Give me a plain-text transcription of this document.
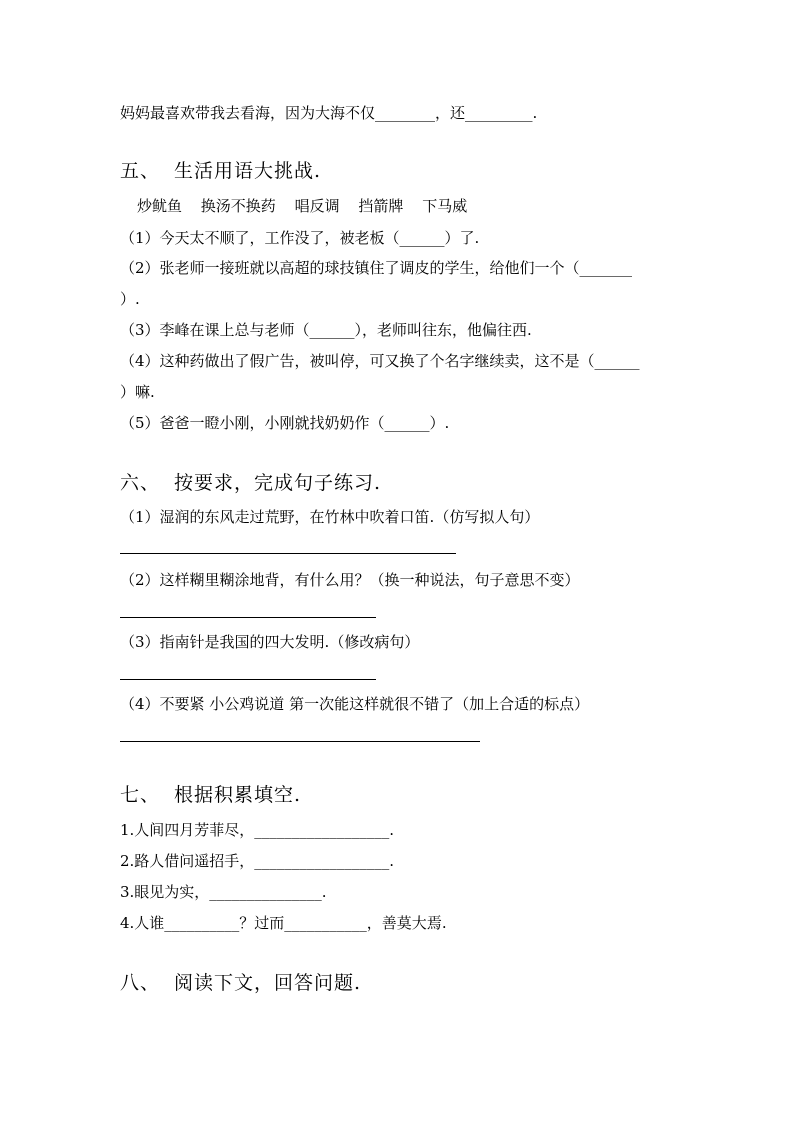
妈妈最喜欢带我去看海，因为大海不仅________，还_________.
五、 生活用语大挑战.
炒鱿鱼 换汤不换药 唱反调 挡箭牌 下马威
（1）今天太不顺了，工作没了，被老板（______）了.
（2）张老师一接班就以高超的球技镇住了调皮的学生，给他们一个（_______
）.
（3）李峰在课上总与老师（______），老师叫往东，他偏往西.
（4）这种药做出了假广告，被叫停，可又换了个名字继续卖，这不是（______
）嘛.
（5）爸爸一瞪小刚，小刚就找奶奶作（______）.
六、 按要求，完成句子练习.
（1）湿润的东风走过荒野，在竹林中吹着口笛.（仿写拟人句）
（2）这样糊里糊涂地背，有什么用？（换一种说法，句子意思不变）
（3）指南针是我国的四大发明.（修改病句）
（4）不要紧 小公鸡说道 第一次能这样就很不错了（加上合适的标点）
七、 根据积累填空.
1.人间四月芳菲尽，__________________.
2.路人借问遥招手，__________________.
3.眼见为实，_______________.
4.人谁__________？过而___________，善莫大焉.
八、 阅读下文，回答问题.
